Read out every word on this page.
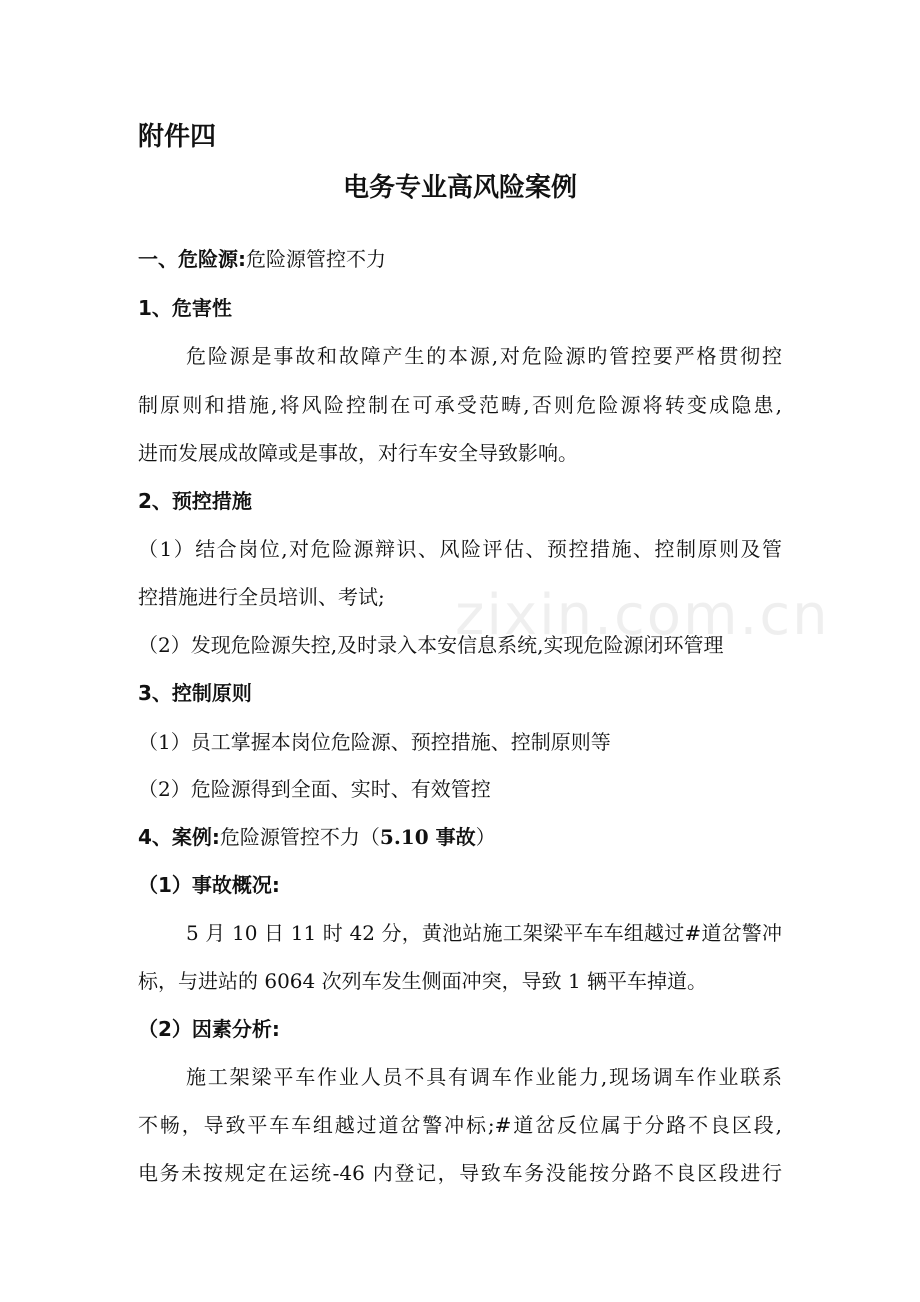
zixin.com.cn
附件四
电务专业高风险案例
一、危险源:危险源管控不力
1、危害性
危险源是事故和故障产生的本源,对危险源旳管控要严格贯彻控
制原则和措施,将风险控制在可承受范畴,否则危险源将转变成隐患,
进而发展成故障或是事故，对行车安全导致影响。
2、预控措施
（1）结合岗位,对危险源辩识、风险评估、预控措施、控制原则及管
控措施进行全员培训、考试;
（2）发现危险源失控,及时录入本安信息系统,实现危险源闭环管理
3、控制原则
（1）员工掌握本岗位危险源、预控措施、控制原则等
（2）危险源得到全面、实时、有效管控
4、案例:危险源管控不力（5.10 事故）
（1）事故概况:
5 月 10 日 11 时 42 分，黄池站施工架梁平车车组越过#道岔警冲
标，与进站的 6064 次列车发生侧面冲突，导致 1 辆平车掉道。
（2）因素分析:
施工架梁平车作业人员不具有调车作业能力,现场调车作业联系
不畅，导致平车车组越过道岔警冲标;#道岔反位属于分路不良区段,
电务未按规定在运统-46 内登记，导致车务没能按分路不良区段进行
